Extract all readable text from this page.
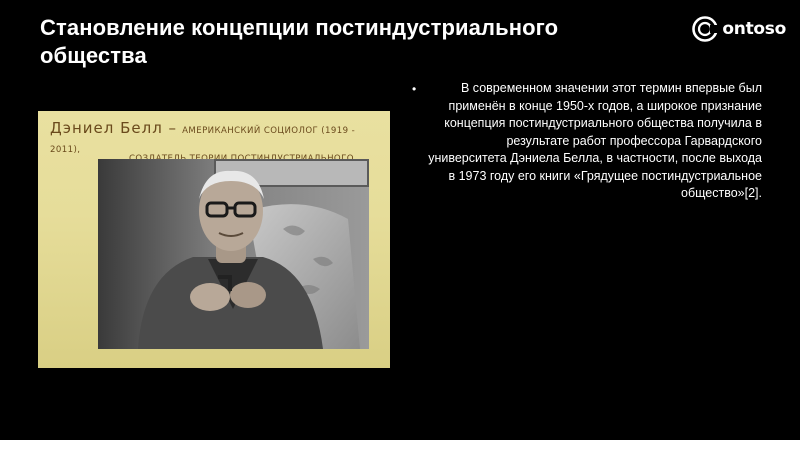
Становление концепции постиндустриального общества
ontoso
•	В современном значении этот термин впервые был применён в конце 1950-х годов, а широкое признание концепция постиндустриального общества получила в результате работ профессора Гарвардского университета Дэниела Белла, в частности, после выхода в 1973 году его книги «Грядущее постиндустриальное общество»[2].
Дэниел Белл – АМЕРИКАНСКИЙ СОЦИОЛОГ (1919 - 2011),
